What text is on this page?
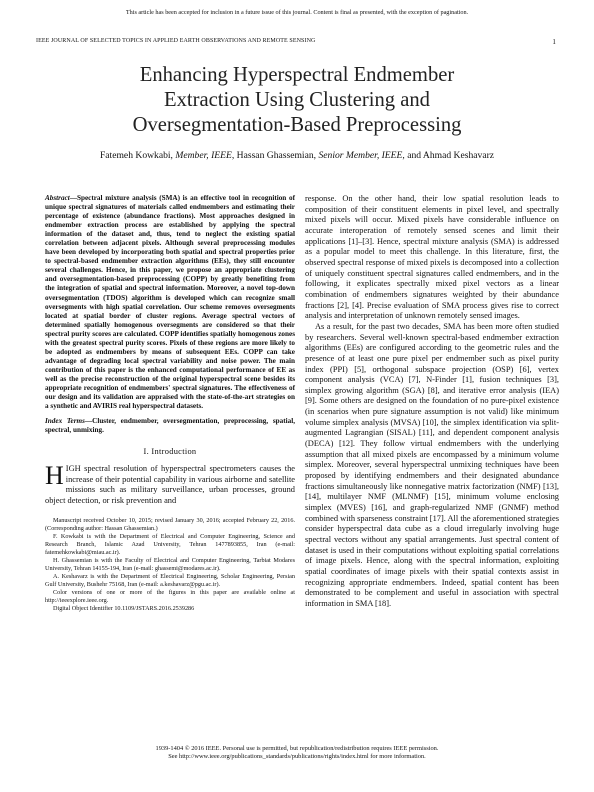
This article has been accepted for inclusion in a future issue of this journal. Content is final as presented, with the exception of pagination.
IEEE JOURNAL OF SELECTED TOPICS IN APPLIED EARTH OBSERVATIONS AND REMOTE SENSING	1
Enhancing Hyperspectral Endmember
Extraction Using Clustering and
Oversegmentation-Based Preprocessing
Fatemeh Kowkabi, Member, IEEE, Hassan Ghassemian, Senior Member, IEEE, and Ahmad Keshavarz
Abstract—Spectral mixture analysis (SMA) is an effective tool in recognition of unique spectral signatures of materials called endmembers and estimating their percentage of existence (abundance fractions). Most approaches designed in endmember extraction process are established by applying the spectral information of the dataset and, thus, tend to neglect the existing spatial correlation between adjacent pixels. Although several preprocessing modules have been developed by incorporating both spatial and spectral properties prior to spectral-based endmember extraction algorithms (EEs), they still encounter several challenges. Hence, in this paper, we propose an appropriate clustering and oversegmentation-based preprocessing (COPP) by greatly benefiting from the integration of spatial and spectral information. Moreover, a novel top-down oversegmentation (TDOS) algorithm is developed which can recognize small oversegments with high spatial correlation. Our scheme removes oversegments located at spatial border of cluster regions. Average spectral vectors of determined spatially homogenous oversegments are considered so that their spectral purity scores are calculated. COPP identifies spatially homogenous zones with the greatest spectral purity scores. Pixels of these regions are more likely to be adopted as endmembers by means of subsequent EEs. COPP can take advantage of degrading local spectral variability and noise power. The main contribution of this paper is the enhanced computational performance of EE as well as the precise reconstruction of the original hyperspectral scene besides its appropriate recognition of endmembers' spectral signatures. The effectiveness of our design and its validation are appraised with the state-of-the-art strategies on a synthetic and AVIRIS real hyperspectral datasets.
Index Terms—Cluster, endmember, oversegmentation, preprocessing, spatial, spectral, unmixing.
I. Introduction
HIGH spectral resolution of hyperspectral spectrometers causes the increase of their potential capability in various airborne and satellite missions such as military surveillance, urban processes, ground object detection, or risk prevention and

Manuscript received October 10, 2015; revised January 30, 2016; accepted February 22, 2016. (Corresponding author: Hassan Ghassemian.)

F. Kowkabi is with the Department of Electrical and Computer Engineering, Science and Research Branch, Islamic Azad University, Tehran 1477893855, Iran (e-mail: fatemehkowkabi@miau.ac.ir).

H. Ghassemian is with the Faculty of Electrical and Computer Engineering, Tarbiat Modares University, Tehran 14155-194, Iran (e-mail: ghassemi@modares.ac.ir).

A. Keshavarz is with the Department of Electrical Engineering, Scholar Engineering, Persian Gulf University, Bushehr 75168, Iran (e-mail: a.keshavarz@pgu.ac.ir).

Color versions of one or more of the figures in this paper are available online at http://ieeexplore.ieee.org.

Digital Object Identifier 10.1109/JSTARS.2016.2539286

response. On the other hand, their low spatial resolution leads to composition of their constituent elements in pixel level, and spectrally mixed pixels will occur. Mixed pixels have considerable influence on accurate interoperation of remotely sensed scenes and limit their applications [1]–[3]. Hence, spectral mixture analysis (SMA) is addressed as a popular model to meet this challenge. In this literature, first, the observed spectral response of mixed pixels is decomposed into a collection of uniquely constituent spectral signatures called endmembers, and in the following, it explicates spectrally mixed pixel vectors as a linear combination of endmembers signatures weighted by their abundance fractions [2], [4]. Precise evaluation of SMA process gives rise to correct analysis and interpretation of unknown remotely sensed images.

As a result, for the past two decades, SMA has been more often studied by researchers. Several well-known spectral-based endmember extraction algorithms (EEs) are configured according to the geometric rules and the presence of at least one pure pixel per endmember such as pixel purity index (PPI) [5], orthogonal subspace projection (OSP) [6], vertex component analysis (VCA) [7], N-Finder [1], fusion techniques [3], simplex growing algorithm (SGA) [8], and iterative error analysis (IEA) [9]. Some others are designed on the foundation of no pure-pixel existence (in scenarios when pure signature assumption is not valid) like minimum volume simplex analysis (MVSA) [10], the simplex identification via split-augmented Lagrangian (SISAL) [11], and dependent component analysis (DECA) [12]. They follow virtual endmembers with the underlying assumption that all mixed pixels are encompassed by a minimum volume simplex. Moreover, several hyperspectral unmixing techniques have been proposed by identifying endmembers and their designated abundance fractions simultaneously like nonnegative matrix factorization (NMF) [13], [14], multilayer NMF (MLNMF) [15], minimum volume enclosing simplex (MVES) [16], and graph-regularized NMF (GNMF) method combined with sparseness constraint [17]. All the aforementioned strategies consider hyperspectral data cube as a cloud irregularly involving huge spectral vectors without any spatial arrangements. Just spectral content of dataset is used in their computations without exploiting spatial correlations of image pixels. Hence, along with the spectral information, exploiting spatial coordinates of image pixels with their spatial contexts assist in recognizing appropriate endmembers. Indeed, spatial content has been demonstrated to be complement and useful in association with spectral information in SMA [18].

1939-1404 © 2016 IEEE. Personal use is permitted, but republication/redistribution requires IEEE permission.
See http://www.ieee.org/publications_standards/publications/rights/index.html for more information.
